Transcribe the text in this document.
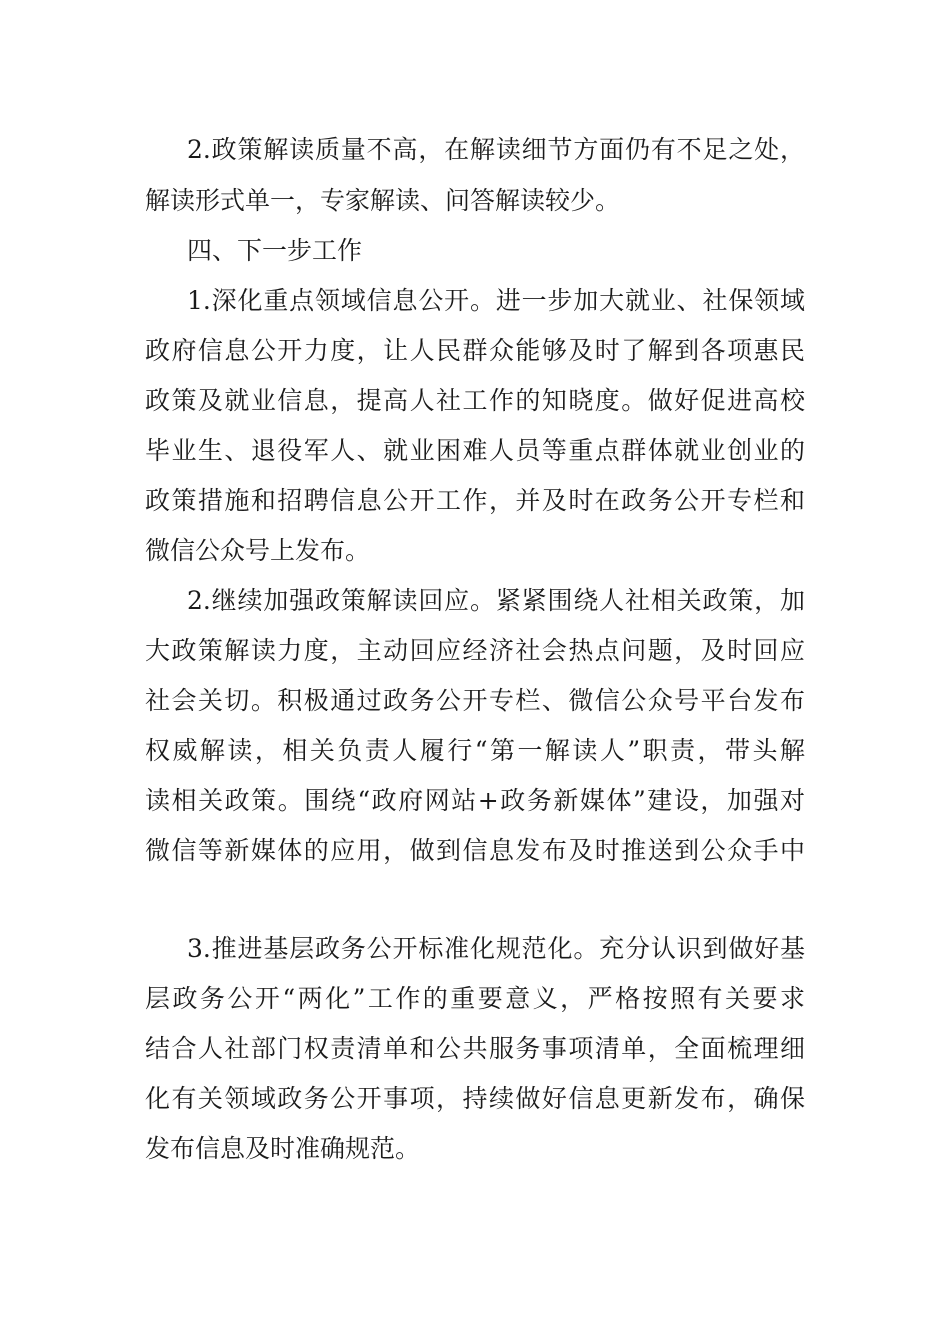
2.政策解读质量不高，在解读细节方面仍有不足之处，
解读形式单一，专家解读、问答解读较少。
四、下一步工作
1.深化重点领域信息公开。进一步加大就业、社保领域
政府信息公开力度，让人民群众能够及时了解到各项惠民
政策及就业信息，提高人社工作的知晓度。做好促进高校
毕业生、退役军人、就业困难人员等重点群体就业创业的
政策措施和招聘信息公开工作，并及时在政务公开专栏和
微信公众号上发布。
2.继续加强政策解读回应。紧紧围绕人社相关政策，加
大政策解读力度，主动回应经济社会热点问题，及时回应
社会关切。积极通过政务公开专栏、微信公众号平台发布
权威解读，相关负责人履行“第一解读人”职责，带头解
读相关政策。围绕“政府网站+政务新媒体”建设，加强对
微信等新媒体的应用，做到信息发布及时推送到公众手中
3.推进基层政务公开标准化规范化。充分认识到做好基
层政务公开“两化”工作的重要意义，严格按照有关要求
结合人社部门权责清单和公共服务事项清单，全面梳理细
化有关领域政务公开事项，持续做好信息更新发布，确保
发布信息及时准确规范。
